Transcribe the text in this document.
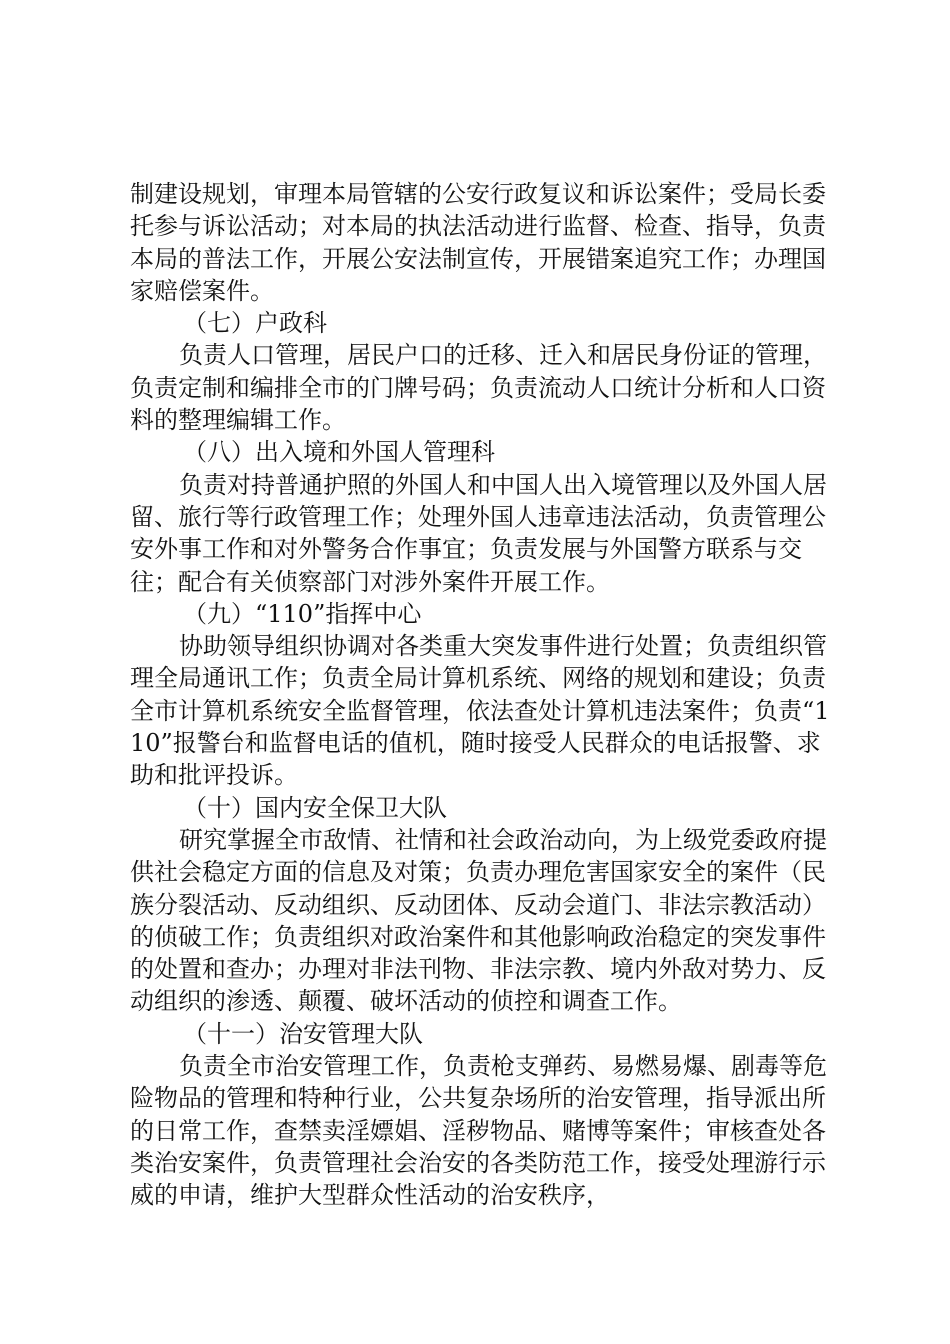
制建设规划，审理本局管辖的公安行政复议和诉讼案件；受局长委托参与诉讼活动；对本局的执法活动进行监督、检查、指导，负责本局的普法工作，开展公安法制宣传，开展错案追究工作；办理国家赔偿案件。

（七）户政科

负责人口管理，居民户口的迁移、迁入和居民身份证的管理，负责定制和编排全市的门牌号码；负责流动人口统计分析和人口资料的整理编辑工作。

（八）出入境和外国人管理科

负责对持普通护照的外国人和中国人出入境管理以及外国人居留、旅行等行政管理工作；处理外国人违章违法活动，负责管理公安外事工作和对外警务合作事宜；负责发展与外国警方联系与交往；配合有关侦察部门对涉外案件开展工作。

（九）“110”指挥中心

协助领导组织协调对各类重大突发事件进行处置；负责组织管理全局通讯工作；负责全局计算机系统、网络的规划和建设；负责全市计算机系统安全监督管理，依法查处计算机违法案件；负责“110”报警台和监督电话的值机，随时接受人民群众的电话报警、求助和批评投诉。

（十）国内安全保卫大队

研究掌握全市敌情、社情和社会政治动向，为上级党委政府提供社会稳定方面的信息及对策；负责办理危害国家安全的案件（民族分裂活动、反动组织、反动团体、反动会道门、非法宗教活动）的侦破工作；负责组织对政治案件和其他影响政治稳定的突发事件的处置和查办；办理对非法刊物、非法宗教、境内外敌对势力、反动组织的渗透、颠覆、破坏活动的侦控和调查工作。

（十一）治安管理大队

负责全市治安管理工作，负责枪支弹药、易燃易爆、剧毒等危险物品的管理和特种行业，公共复杂场所的治安管理，指导派出所的日常工作，查禁卖淫嫖娼、淫秽物品、赌博等案件；审核查处各类治安案件，负责管理社会治安的各类防范工作，接受处理游行示威的申请，维护大型群众性活动的治安秩序，
